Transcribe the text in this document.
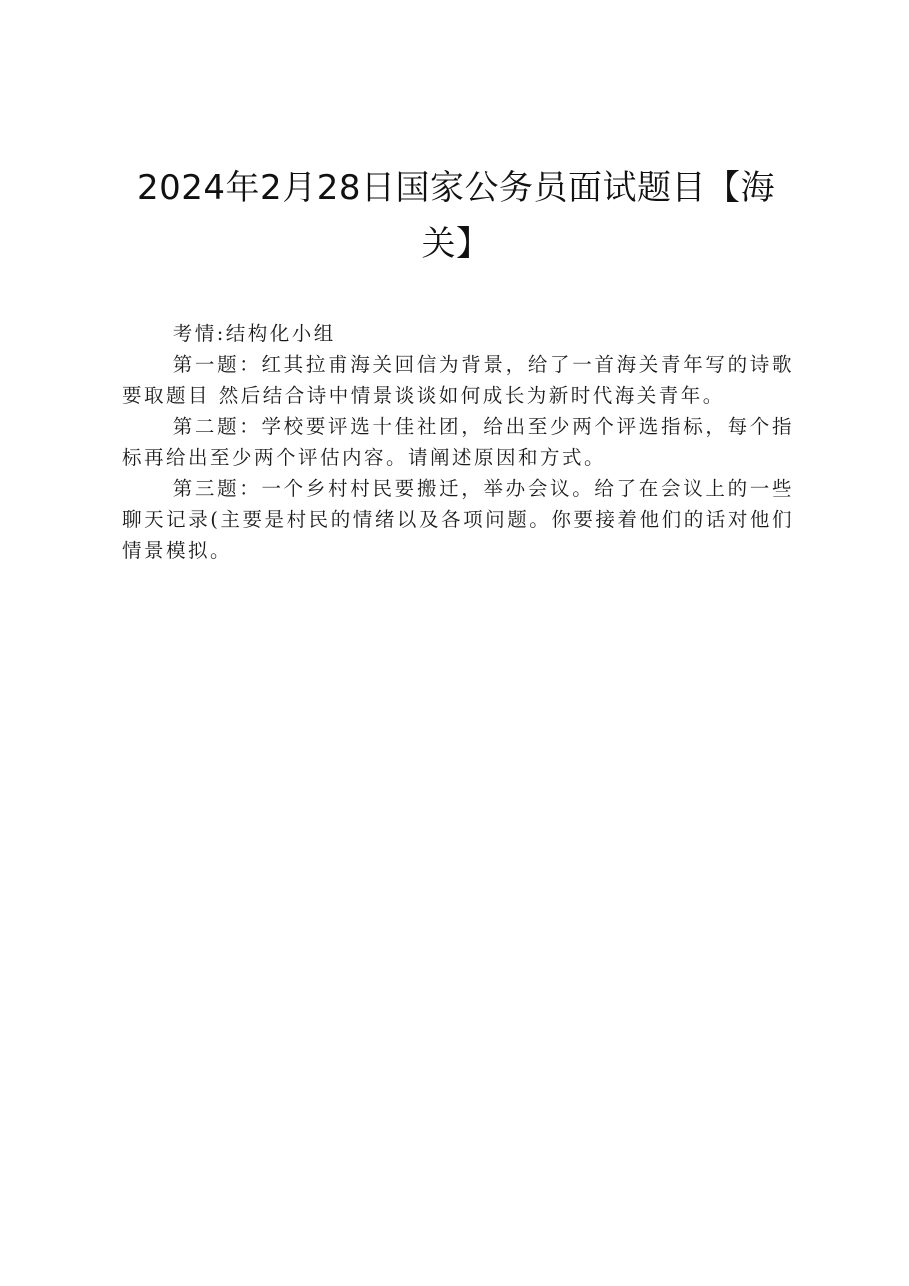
2024年2月28日国家公务员面试题目【海关】

考情:结构化小组

第一题：红其拉甫海关回信为背景，给了一首海关青年写的诗歌 要取题目 然后结合诗中情景谈谈如何成长为新时代海关青年。

第二题：学校要评选十佳社团，给出至少两个评选指标，每个指标再给出至少两个评估内容。请阐述原因和方式。

第三题：一个乡村村民要搬迁，举办会议。给了在会议上的一些聊天记录(主要是村民的情绪以及各项问题。你要接着他们的话对他们情景模拟。
